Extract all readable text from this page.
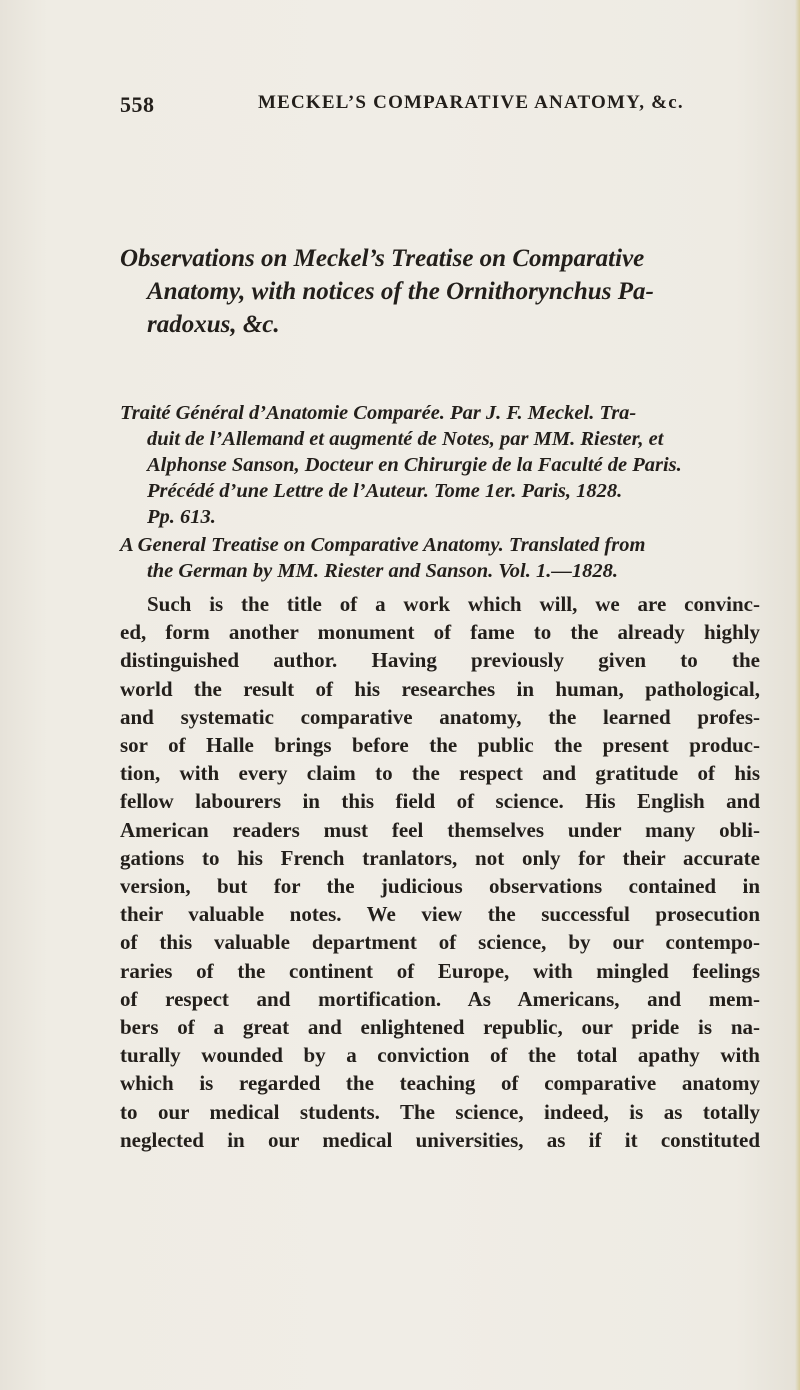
558	MECKEL’S COMPARATIVE ANATOMY, &c.

Observations on Meckel’s Treatise on Comparative
Anatomy, with notices of the Ornithorynchus Pa-
radoxus, &c.

Traité Général d’Anatomie Comparée. Par J. F. Meckel. Tra-
duit de l’Allemand et augmenté de Notes, par MM. Riester, et
Alphonse Sanson, Docteur en Chirurgie de la Faculté de Paris.
Précédé d’une Lettre de l’Auteur. Tome 1er. Paris, 1828.
Pp. 613.

A General Treatise on Comparative Anatomy. Translated from
the German by MM. Riester and Sanson. Vol. 1.—1828.

Such is the title of a work which will, we are convinc-
ed, form another monument of fame to the already highly
distinguished author. Having previously given to the
world the result of his researches in human, pathological,
and systematic comparative anatomy, the learned profes-
sor of Halle brings before the public the present produc-
tion, with every claim to the respect and gratitude of his
fellow labourers in this field of science. His English and
American readers must feel themselves under many obli-
gations to his French tranlators, not only for their accurate
version, but for the judicious observations contained in
their valuable notes. We view the successful prosecution
of this valuable department of science, by our contempo-
raries of the continent of Europe, with mingled feelings
of respect and mortification. As Americans, and mem-
bers of a great and enlightened republic, our pride is na-
turally wounded by a conviction of the total apathy with
which is regarded the teaching of comparative anatomy
to our medical students. The science, indeed, is as totally
neglected in our medical universities, as if it constituted
